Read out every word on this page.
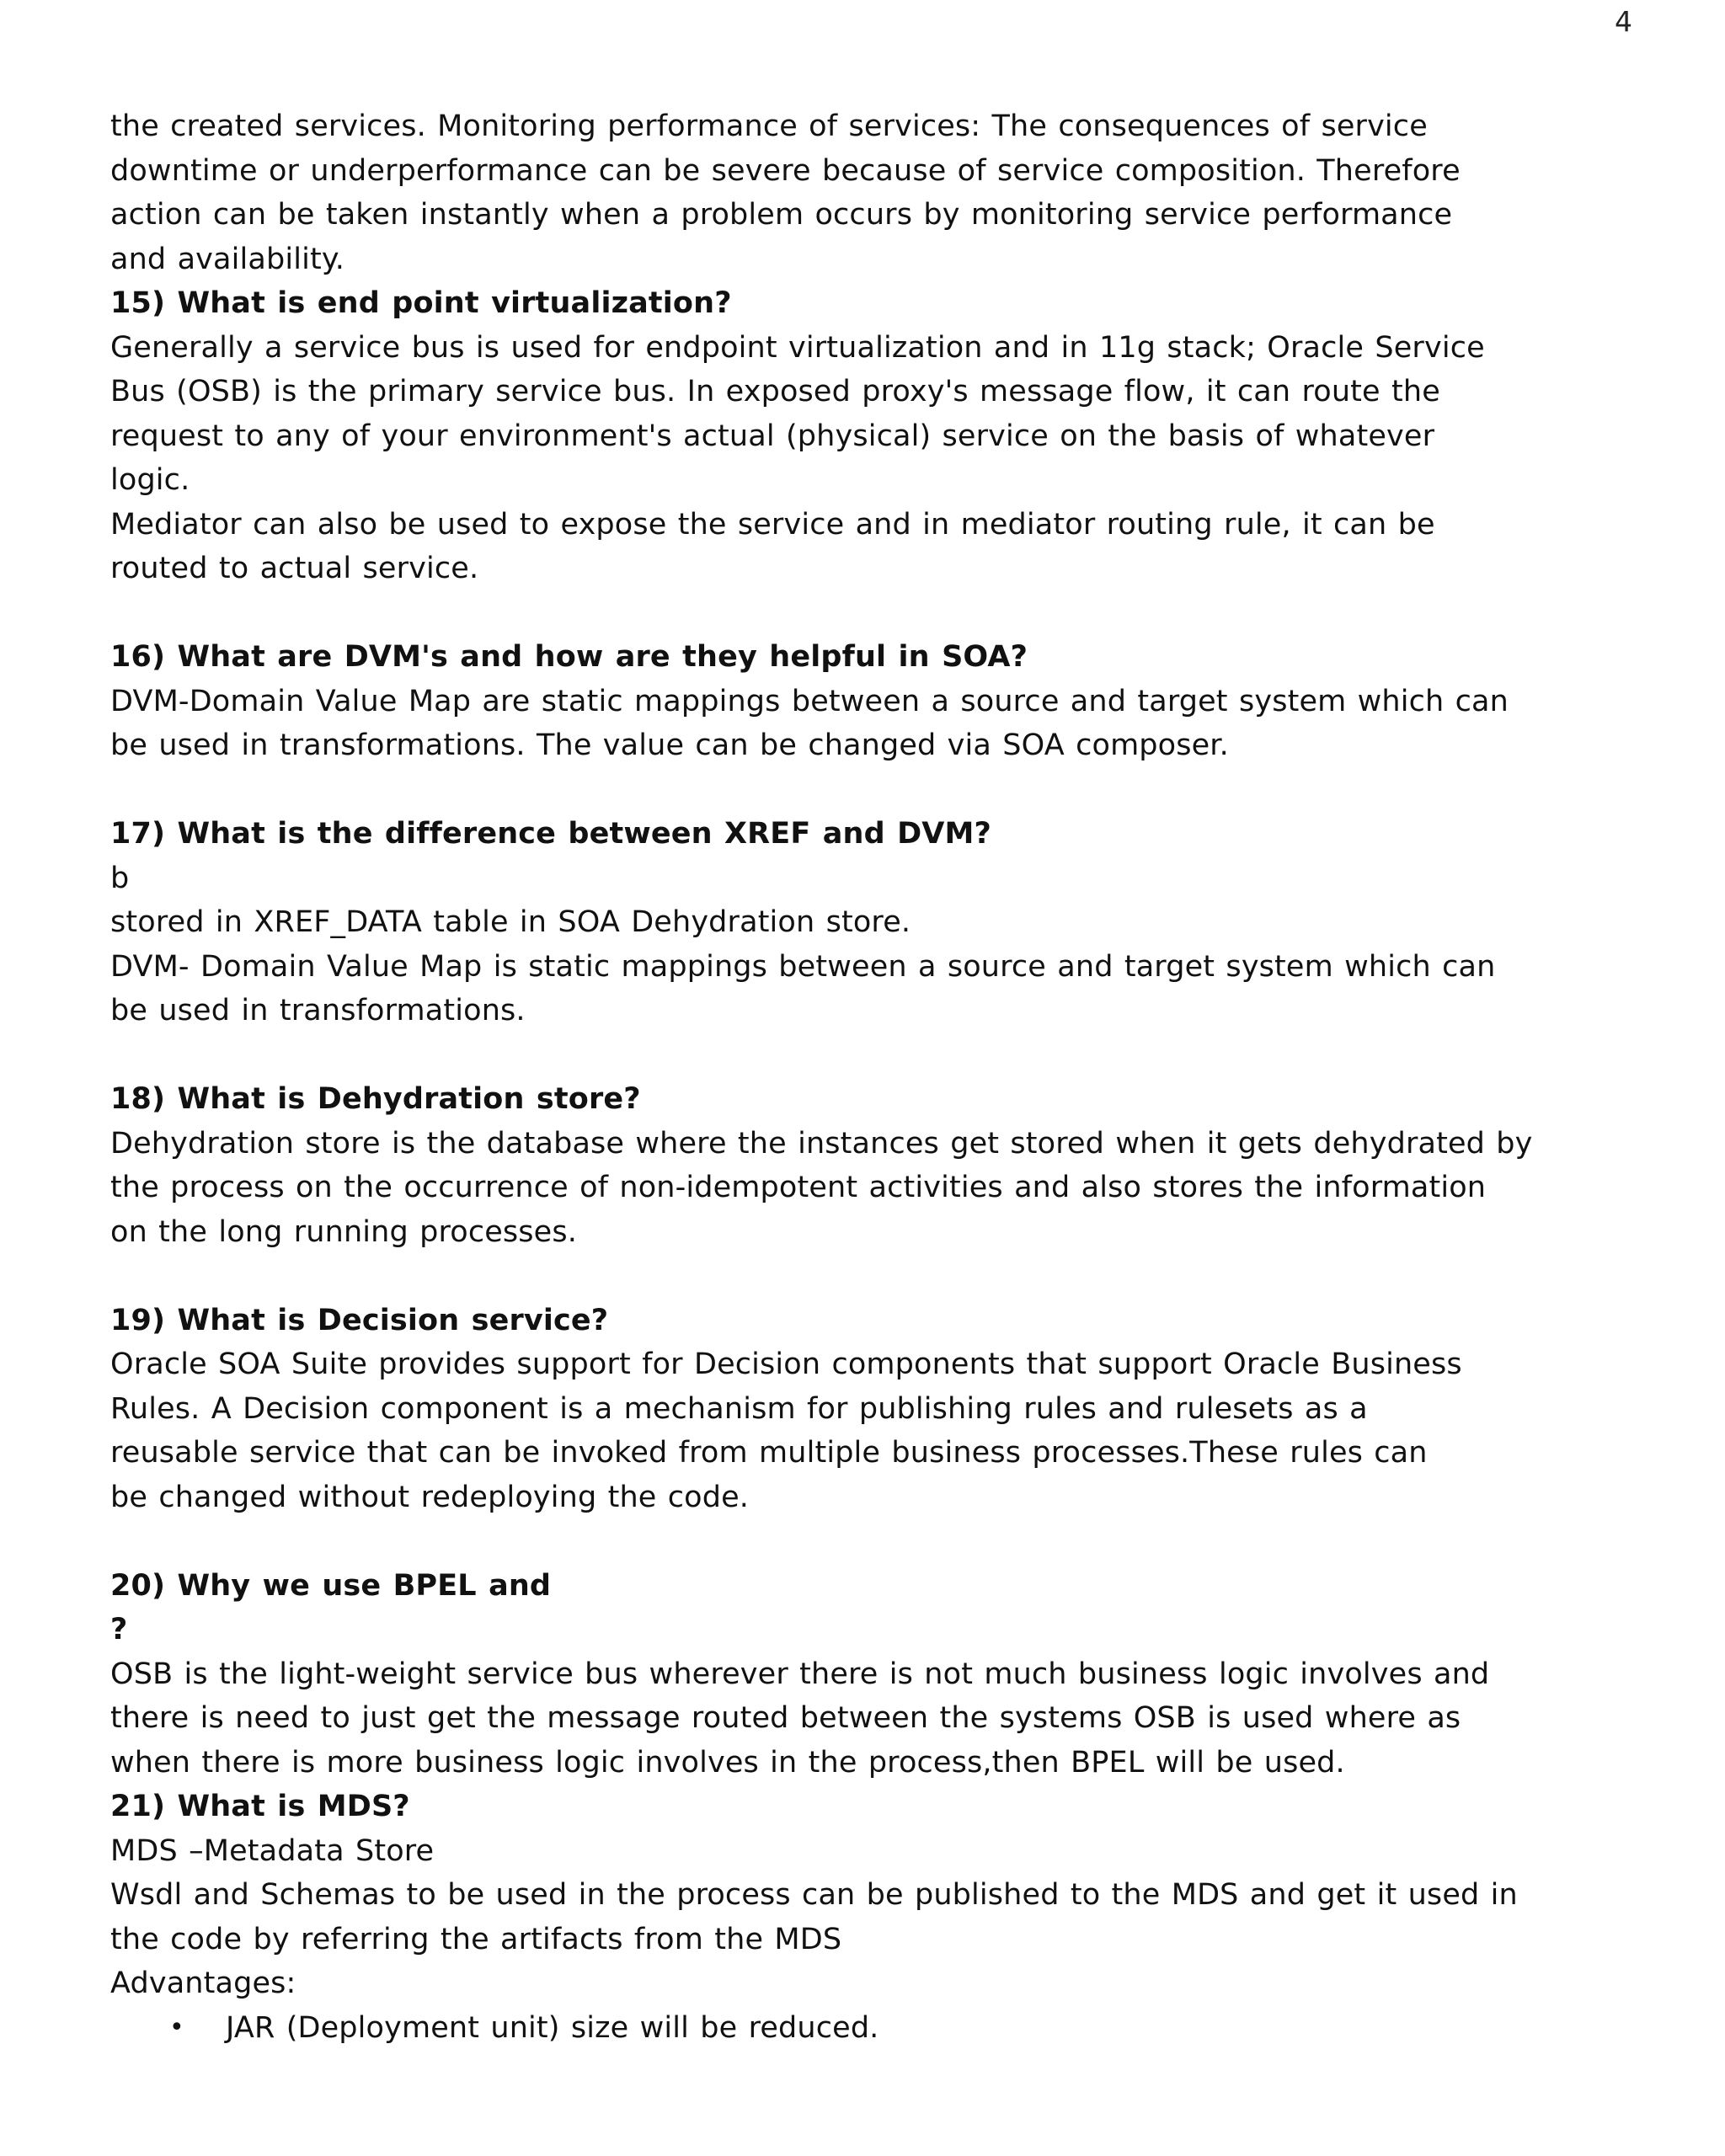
4
the created services. Monitoring performance of services: The consequences of service
downtime or underperformance can be severe because of service composition. Therefore
action can be taken instantly when a problem occurs by monitoring service performance
and availability.
15) What is end point virtualization?
Generally a service bus is used for endpoint virtualization and in 11g stack; Oracle Service
Bus (OSB) is the primary service bus. In exposed proxy's message flow, it can route the
request to any of your environment's actual (physical) service on the basis of whatever
logic.
Mediator can also be used to expose the service and in mediator routing rule, it can be
routed to actual service.
16) What are DVM's and how are they helpful in SOA?
DVM-Domain Value Map are static mappings between a source and target system which can
be used in transformations. The value can be changed via SOA composer.
17) What is the difference between XREF and DVM?
b
stored in XREF_DATA table in SOA Dehydration store.
DVM- Domain Value Map is static mappings between a source and target system which can
be used in transformations.
18) What is Dehydration store?
Dehydration store is the database where the instances get stored when it gets dehydrated by
the process on the occurrence of non-idempotent activities and also stores the information
on the long running processes.
19) What is Decision service?
Oracle SOA Suite provides support for Decision components that support Oracle Business
Rules. A Decision component is a mechanism for publishing rules and rulesets as a
reusable service that can be invoked from multiple business processes.These rules can
be changed without redeploying the code.
20) Why we use BPEL and
?
OSB is the light-weight service bus wherever there is not much business logic involves and
there is need to just get the message routed between the systems OSB is used where as
when there is more business logic involves in the process,then BPEL will be used.
21) What is MDS?
MDS –Metadata Store
Wsdl and Schemas to be used in the process can be published to the MDS and get it used in
the code by referring the artifacts from the MDS
Advantages:
• JAR (Deployment unit) size will be reduced.
